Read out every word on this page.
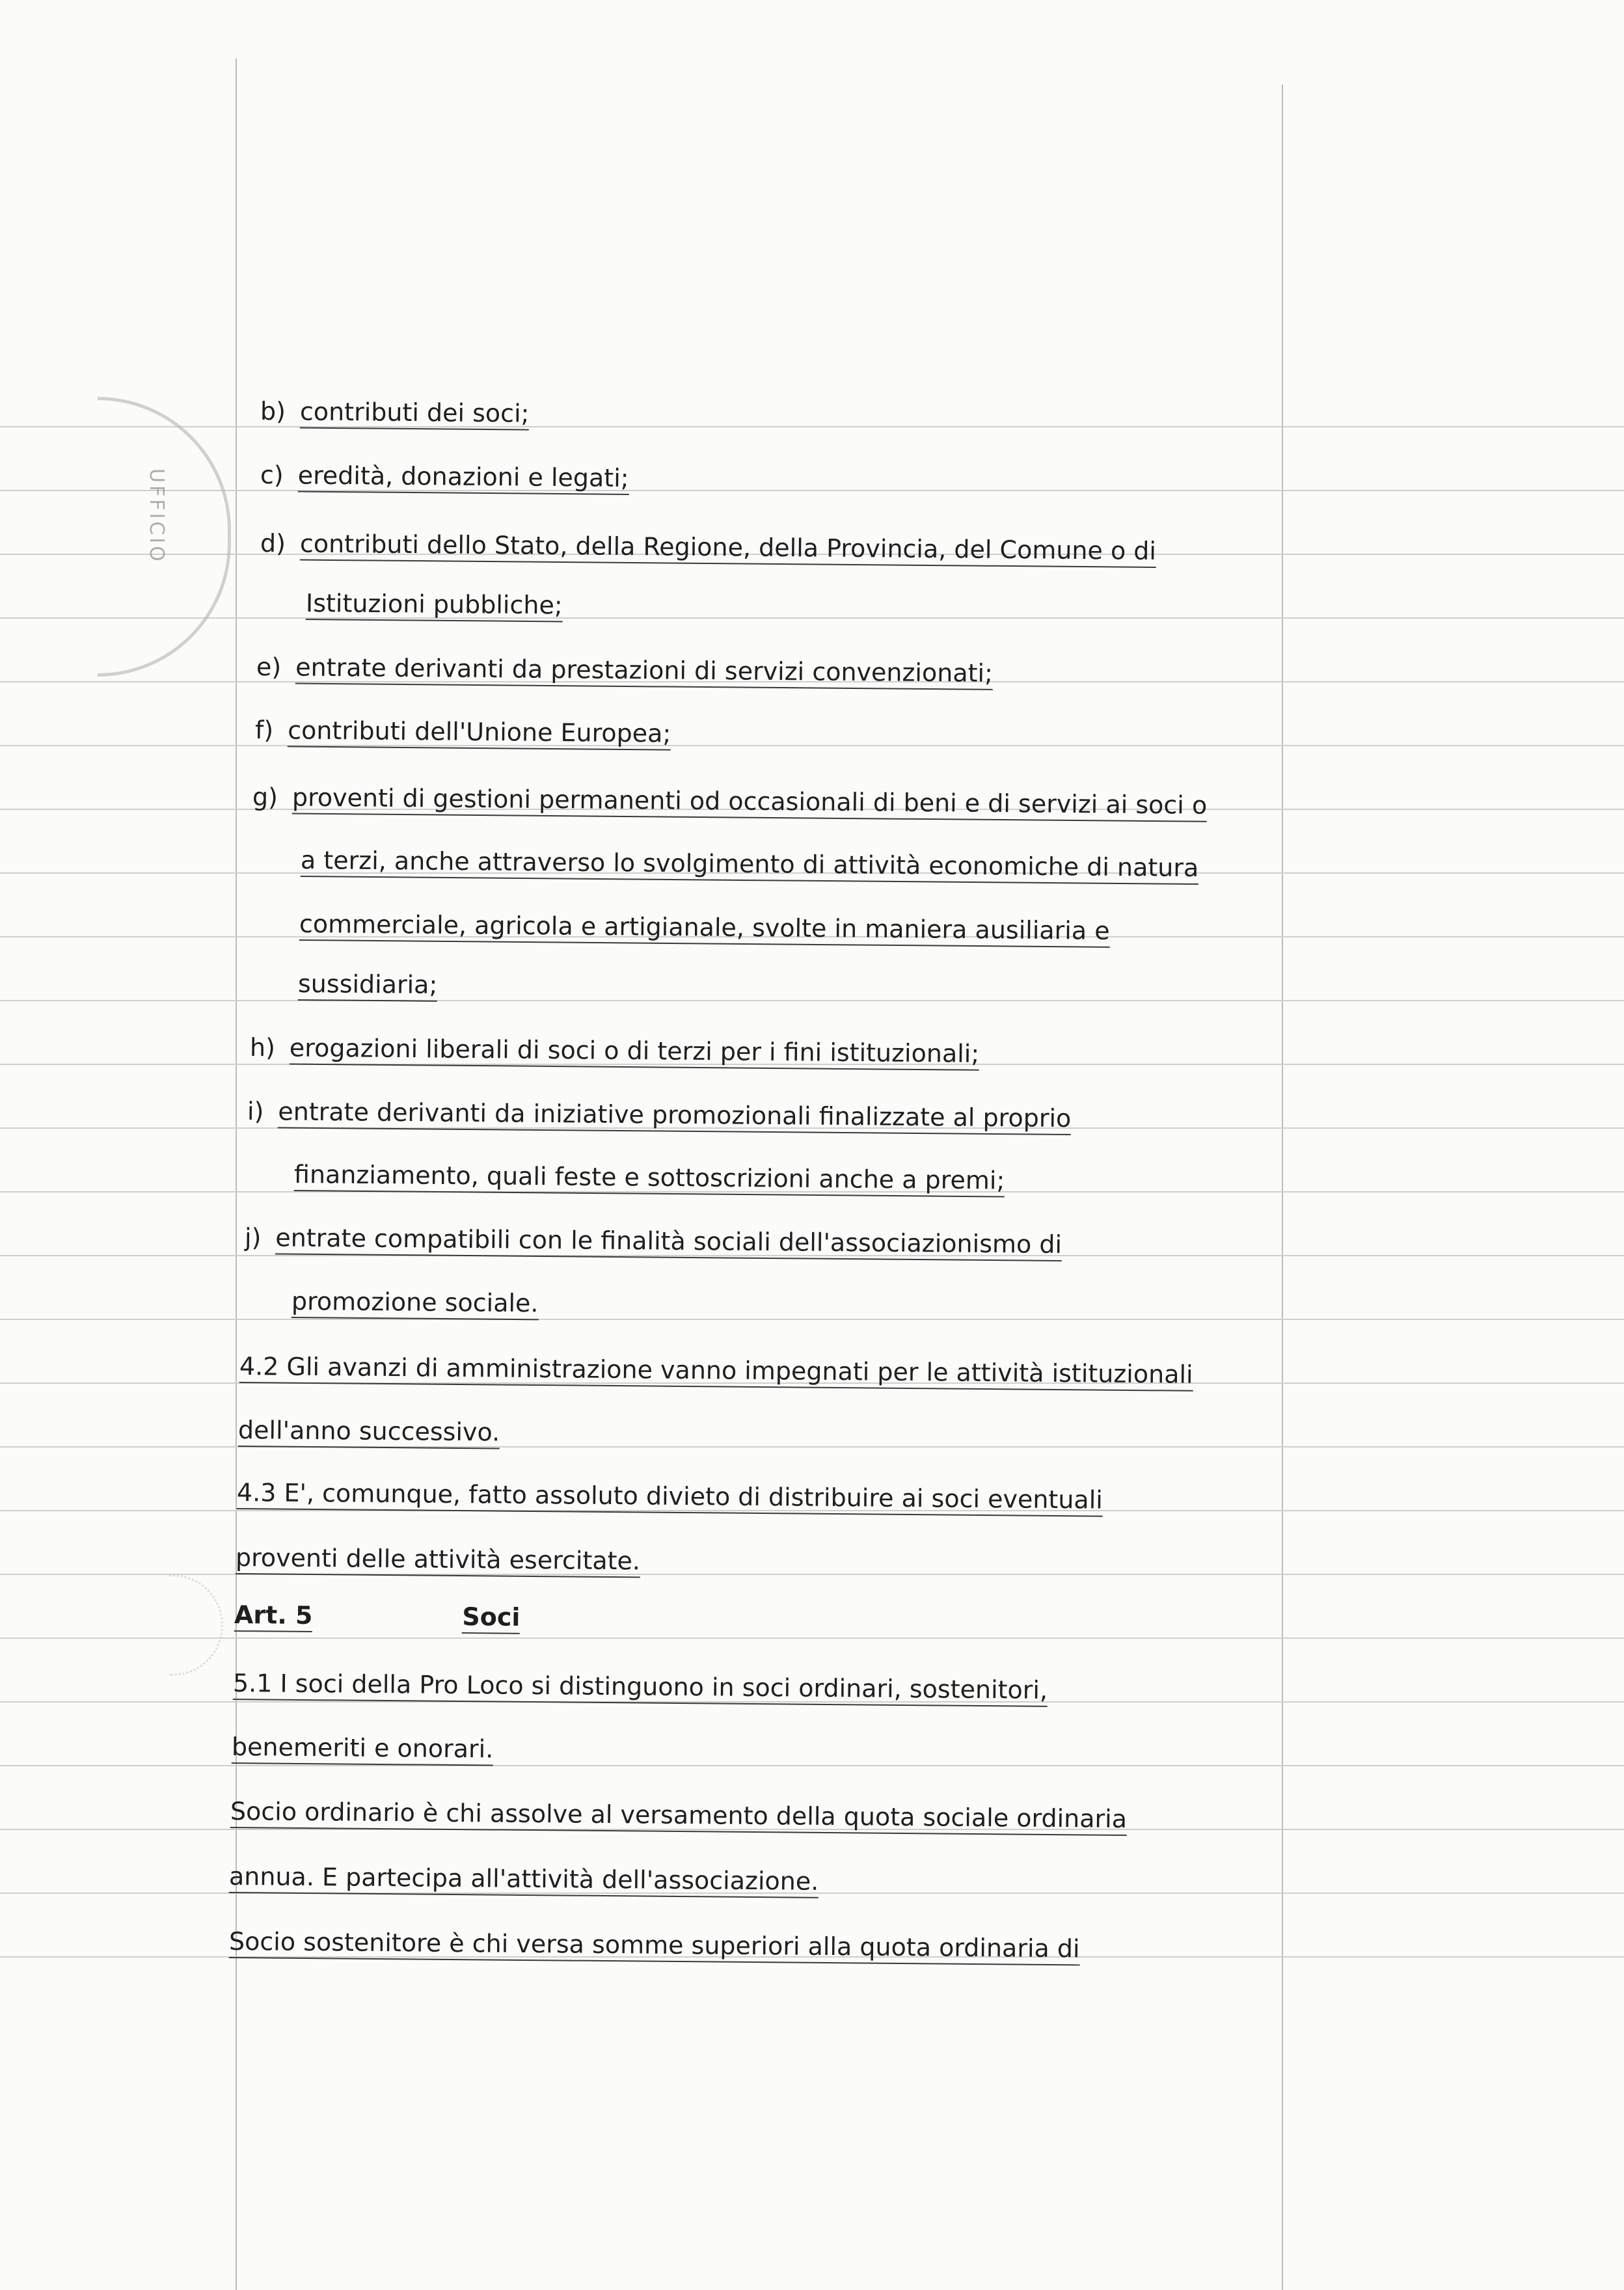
UFFICIO
b) contributi dei soci;
c) eredità, donazioni e legati;
d) contributi dello Stato, della Regione, della Provincia, del Comune o di
Istituzioni pubbliche;
e) entrate derivanti da prestazioni di servizi convenzionati;
f) contributi dell'Unione Europea;
g) proventi di gestioni permanenti od occasionali di beni e di servizi ai soci o
a terzi, anche attraverso lo svolgimento di attività economiche di natura
commerciale, agricola e artigianale, svolte in maniera ausiliaria e
sussidiaria;
h) erogazioni liberali di soci o di terzi per i fini istituzionali;
i) entrate derivanti da iniziative promozionali finalizzate al proprio
finanziamento, quali feste e sottoscrizioni anche a premi;
j) entrate compatibili con le finalità sociali dell'associazionismo di
promozione sociale.
4.2 Gli avanzi di amministrazione vanno impegnati per le attività istituzionali
dell'anno successivo.
4.3 E', comunque, fatto assoluto divieto di distribuire ai soci eventuali
proventi delle attività esercitate.
Art. 5	Soci
5.1 I soci della Pro Loco si distinguono in soci ordinari, sostenitori,
benemeriti e onorari.
Socio ordinario è chi assolve al versamento della quota sociale ordinaria
annua. E partecipa all'attività dell'associazione.
Socio sostenitore è chi versa somme superiori alla quota ordinaria di
